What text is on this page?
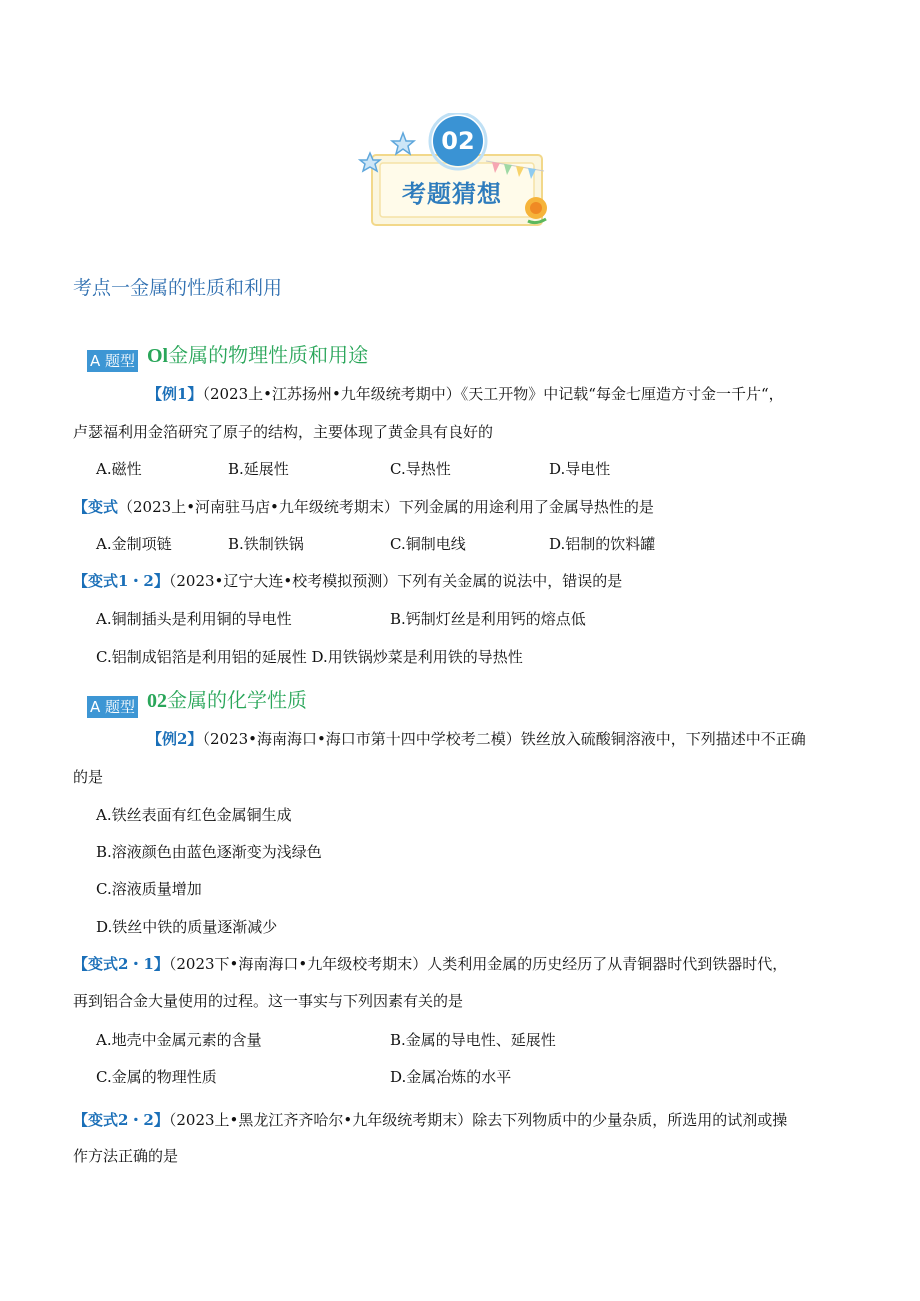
02
考题猜想
考点一金属的性质和利用
A 题型 Ol金属的物理性质和用途
【例1】（2023上•江苏扬州•九年级统考期中）《天工开物》中记载“每金七厘造方寸金一千片“，
卢瑟福利用金箔研究了原子的结构，主要体现了黄金具有良好的
A.磁性	B.延展性	C.导热性	D.导电性
【变式（2023上•河南驻马店•九年级统考期末）下列金属的用途利用了金属导热性的是
A.金制项链	B.铁制铁锅	C.铜制电线	D.铝制的饮料罐
【变式1・2】（2023•辽宁大连•校考模拟预测）下列有关金属的说法中，错误的是
A.铜制插头是利用铜的导电性	B.钙制灯丝是利用钙的熔点低
C.铝制成铝箔是利用铝的延展性 D.用铁锅炒菜是利用铁的导热性
A 题型 02金属的化学性质
【例2】（2023•海南海口•海口市第十四中学校考二模）铁丝放入硫酸铜溶液中，下列描述中不正确
的是
A.铁丝表面有红色金属铜生成
B.溶液颜色由蓝色逐渐变为浅绿色
C.溶液质量增加
D.铁丝中铁的质量逐渐减少
【变式2・1】（2023下•海南海口•九年级校考期末）人类利用金属的历史经历了从青铜器时代到铁器时代，
再到铝合金大量使用的过程。这一事实与下列因素有关的是
A.地壳中金属元素的含量	B.金属的导电性、延展性
C.金属的物理性质	D.金属冶炼的水平
【变式2・2】（2023上•黑龙江齐齐哈尔•九年级统考期末）除去下列物质中的少量杂质，所选用的试剂或操
作方法正确的是
